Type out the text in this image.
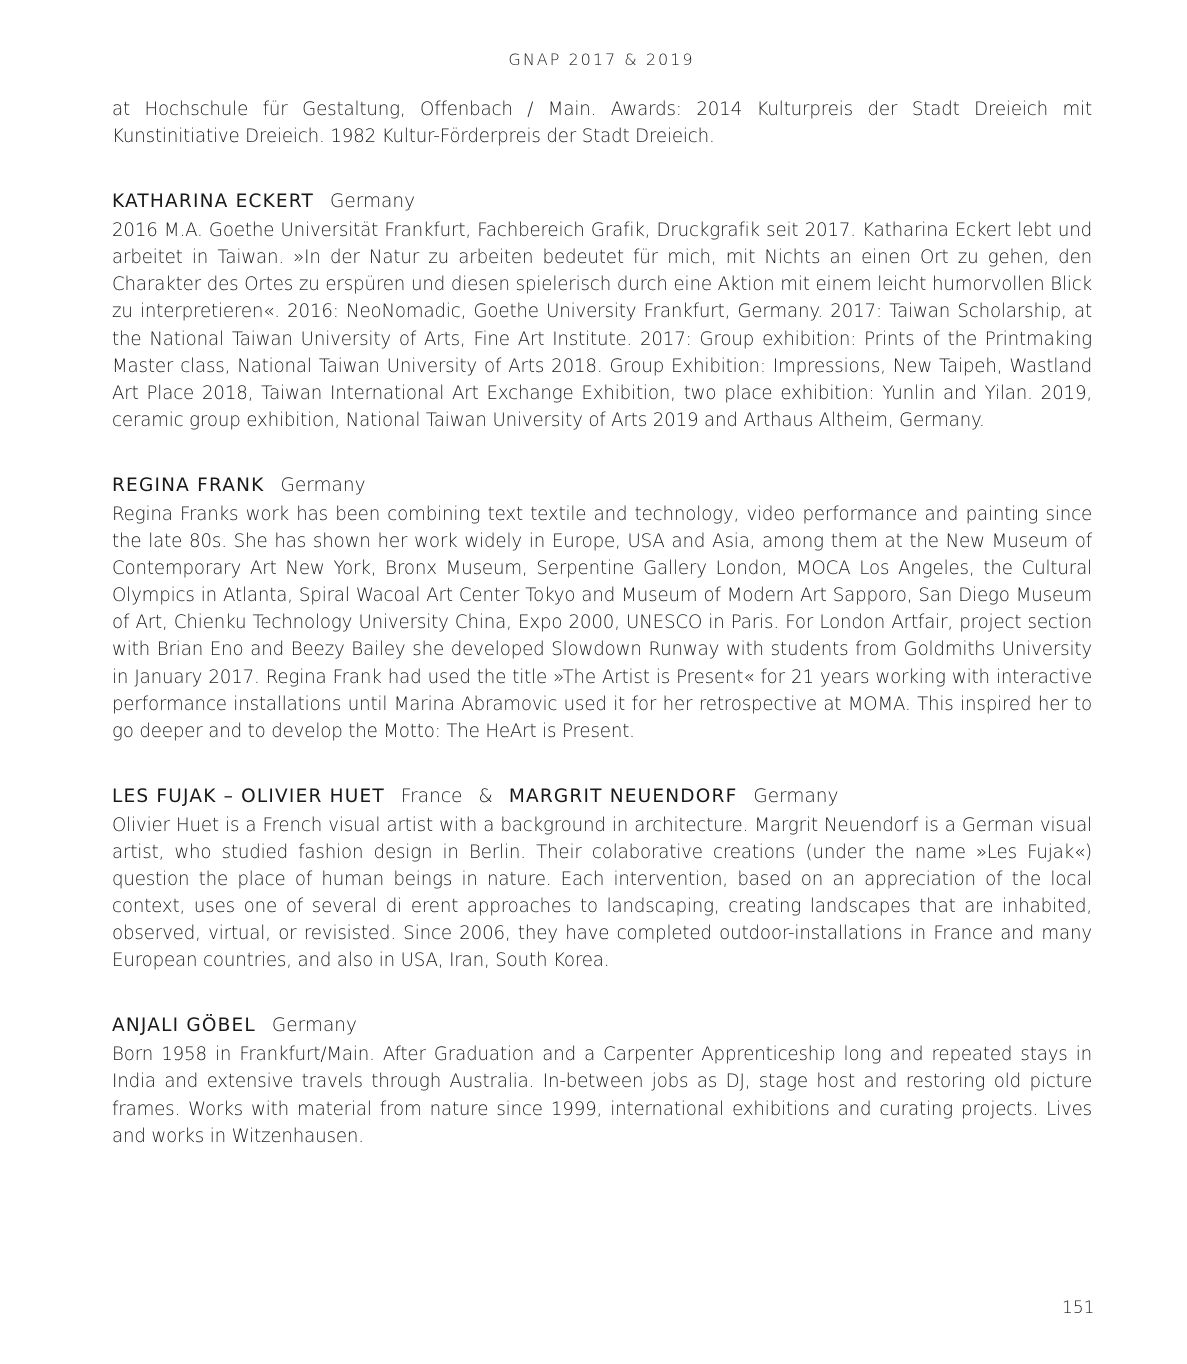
GNAP 2017 & 2019

at Hochschule für Gestaltung, Offenbach / Main. Awards: 2014 Kulturpreis der Stadt Dreieich mit Kunstinitiative Dreieich. 1982 Kultur-Förderpreis der Stadt Dreieich.

KATHARINA ECKERT Germany

2016 M.A. Goethe Universität Frankfurt, Fachbereich Grafik, Druckgrafik seit 2017. Katharina Eckert lebt und arbeitet in Taiwan. »In der Natur zu arbeiten bedeutet für mich, mit Nichts an einen Ort zu gehen, den Charakter des Ortes zu erspüren und diesen spielerisch durch eine Aktion mit einem leicht humorvollen Blick zu interpretieren«. 2016: NeoNomadic, Goethe University Frankfurt, Germany. 2017: Taiwan Scholarship, at the National Taiwan University of Arts, Fine Art Institute. 2017: Group exhibition: Prints of the Printmaking Master class, National Taiwan University of Arts 2018. Group Exhibition: Impressions, New Taipeh, Wastland Art Place 2018, Taiwan International Art Exchange Exhibition, two place exhibition: Yunlin and Yilan. 2019, ceramic group exhibition, National Taiwan University of Arts 2019 and Arthaus Altheim, Germany.

REGINA FRANK Germany

Regina Franks work has been combining text textile and technology, video performance and painting since the late 80s. She has shown her work widely in Europe, USA and Asia, among them at the New Museum of Contemporary Art New York, Bronx Museum, Serpentine Gallery London, MOCA Los Angeles, the Cultural Olympics in Atlanta, Spiral Wacoal Art Center Tokyo and Museum of Modern Art Sapporo, San Diego Museum of Art, Chienku Technology University China, Expo 2000, UNESCO in Paris. For London Artfair, project section with Brian Eno and Beezy Bailey she developed Slowdown Runway with students from Goldmiths University in January 2017. Regina Frank had used the title »The Artist is Present« for 21 years working with interactive performance installations until Marina Abramovic used it for her retrospective at MOMA. This inspired her to go deeper and to develop the Motto: The HeArt is Present.

LES FUJAK – OLIVIER HUET France & MARGRIT NEUENDORF Germany

Olivier Huet is a French visual artist with a background in architecture. Margrit Neuendorf is a German visual artist, who studied fashion design in Berlin. Their colaborative creations (under the name »Les Fujak«) question the place of human beings in nature. Each intervention, based on an appreciation of the local context, uses one of several di erent approaches to landscaping, creating landscapes that are inhabited, observed, virtual, or revisisted. Since 2006, they have completed outdoor-installations in France and many European countries, and also in USA, Iran, South Korea.

ANJALI GÖBEL Germany

Born 1958 in Frankfurt/Main. After Graduation and a Carpenter Apprenticeship long and repeated stays in India and extensive travels through Australia. In-between jobs as DJ, stage host and restoring old picture frames. Works with material from nature since 1999, international exhibitions and curating projects. Lives and works in Witzenhausen.

151
